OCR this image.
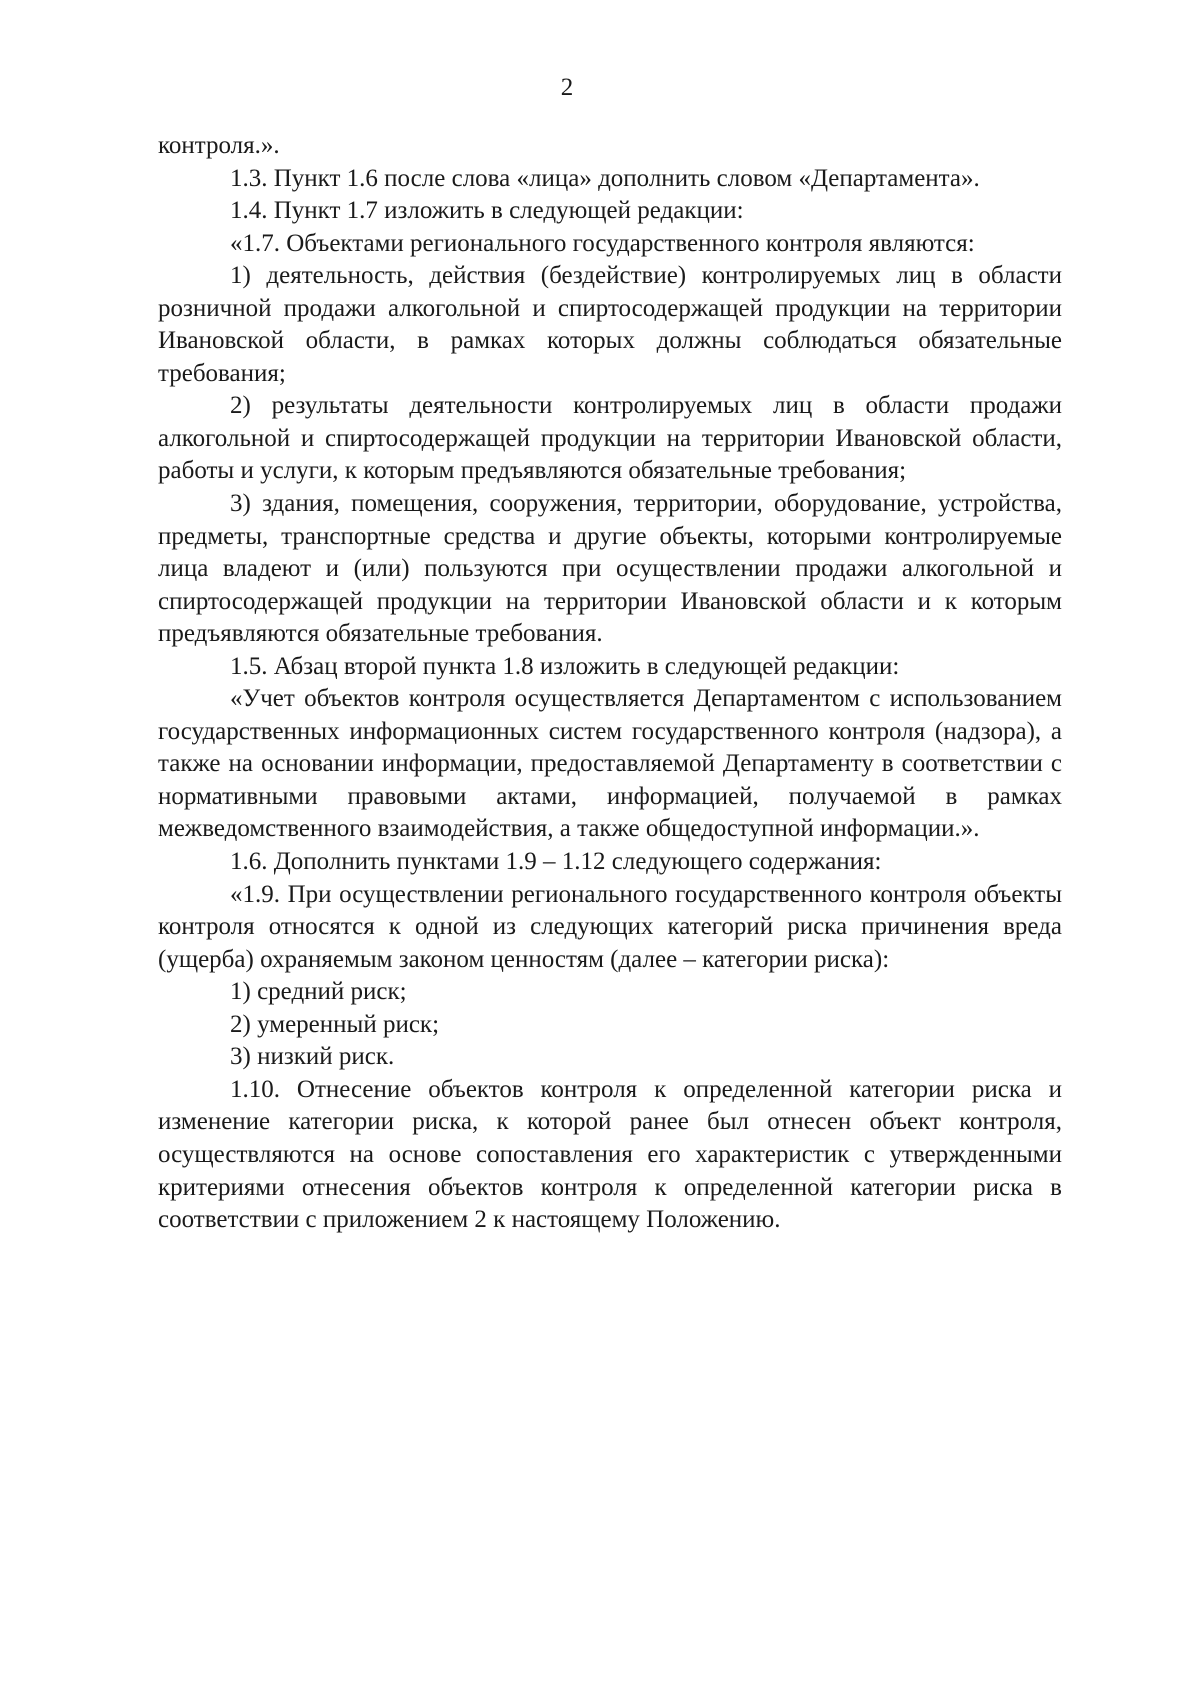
2

контроля.».

1.3. Пункт 1.6 после слова «лица» дополнить словом «Департамента».

1.4. Пункт 1.7 изложить в следующей редакции:

«1.7. Объектами регионального государственного контроля являются:

1) деятельность, действия (бездействие) контролируемых лиц в области розничной продажи алкогольной и спиртосодержащей продукции на территории Ивановской области, в рамках которых должны соблюдаться обязательные требования;

2) результаты деятельности контролируемых лиц в области продажи алкогольной и спиртосодержащей продукции на территории Ивановской области, работы и услуги, к которым предъявляются обязательные требования;

3) здания, помещения, сооружения, территории, оборудование, устройства, предметы, транспортные средства и другие объекты, которыми контролируемые лица владеют и (или) пользуются при осуществлении продажи алкогольной и спиртосодержащей продукции на территории Ивановской области и к которым предъявляются обязательные требования.

1.5. Абзац второй пункта 1.8 изложить в следующей редакции:

«Учет объектов контроля осуществляется Департаментом с использованием государственных информационных систем государственного контроля (надзора), а также на основании информации, предоставляемой Департаменту в соответствии с нормативными правовыми актами, информацией, получаемой в рамках межведомственного взаимодействия, а также общедоступной информации.».

1.6. Дополнить пунктами 1.9 – 1.12 следующего содержания:

«1.9. При осуществлении регионального государственного контроля объекты контроля относятся к одной из следующих категорий риска причинения вреда (ущерба) охраняемым законом ценностям (далее – категории риска):

1) средний риск;

2) умеренный риск;

3) низкий риск.

1.10. Отнесение объектов контроля к определенной категории риска и изменение категории риска, к которой ранее был отнесен объект контроля, осуществляются на основе сопоставления его характеристик с утвержденными критериями отнесения объектов контроля к определенной категории риска в соответствии с приложением 2 к настоящему Положению.
